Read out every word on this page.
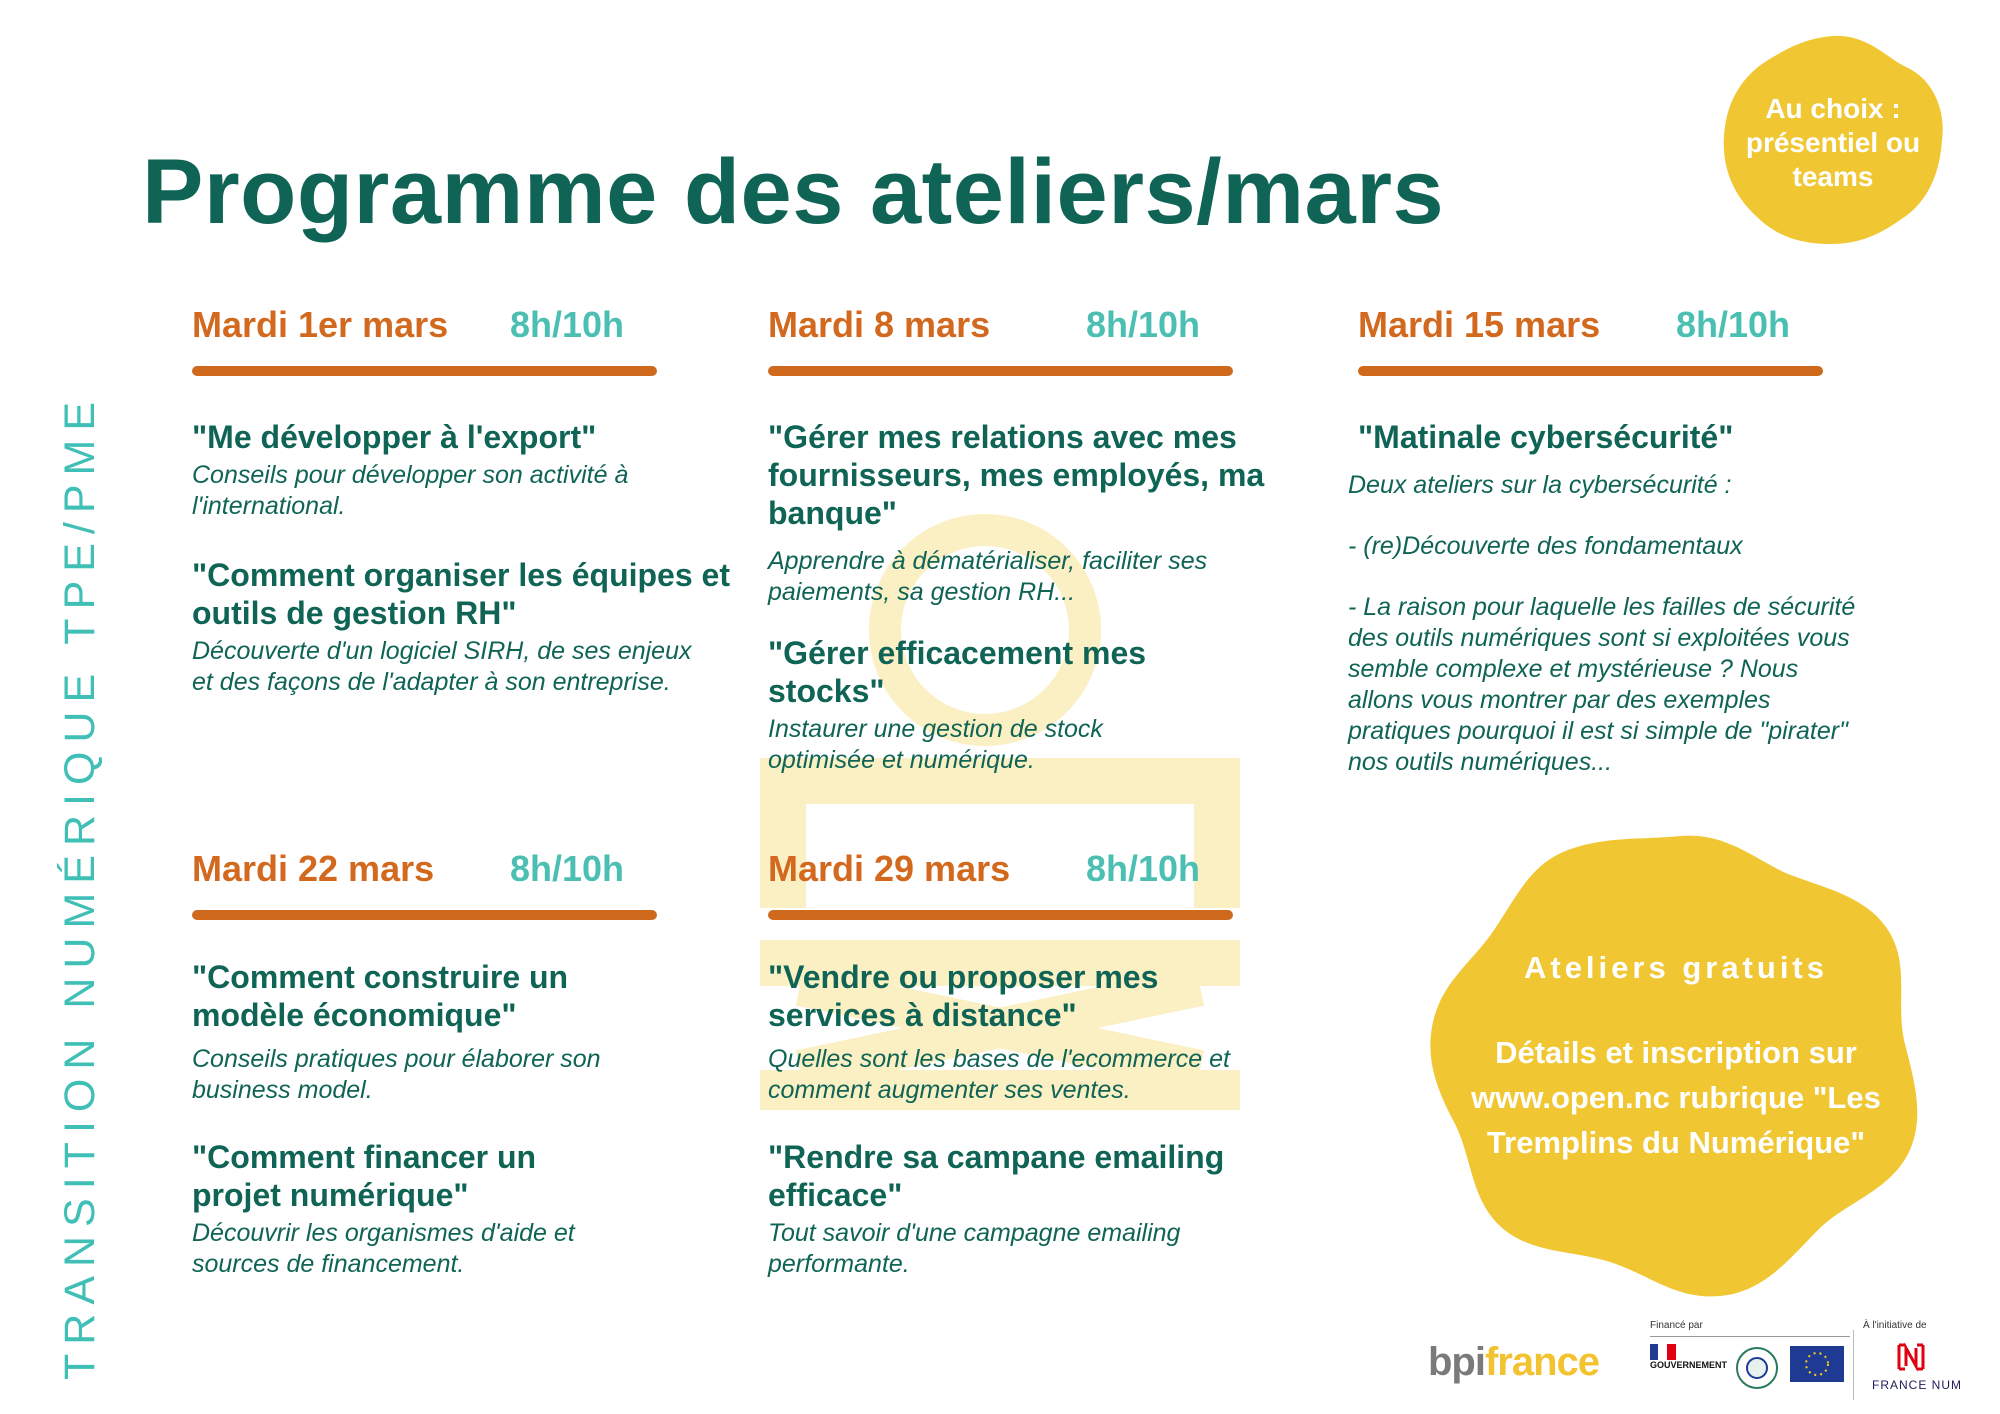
Programme des ateliers/mars
TRANSITION NUMÉRIQUE TPE/PME
Au choix : présentiel ou teams
Ateliers gratuits
Détails et inscription sur www.open.nc rubrique "Les Tremplins du Numérique"
Mardi 1er mars 8h/10h

"Me développer à l'export"

Conseils pour développer son activité à l'international.

"Comment organiser les équipes et outils de gestion RH"

Découverte d'un logiciel SIRH, de ses enjeux et des façons de l'adapter à son entreprise.

Mardi 8 mars	8h/10h

"Gérer mes relations avec mes fournisseurs, mes employés, ma banque"

Apprendre à dématérialiser, faciliter ses paiements, sa gestion RH...

"Gérer efficacement mes stocks"

Instaurer une gestion de stock optimisée et numérique.

Mardi 15 mars 8h/10h

"Matinale cybersécurité"

Deux ateliers sur la cybersécurité :

- (re)Découverte des fondamentaux

- La raison pour laquelle les failles de sécurité des outils numériques sont si exploitées vous semble complexe et mystérieuse ? Nous allons vous montrer par des exemples pratiques pourquoi il est si simple de "pirater" nos outils numériques...

Mardi 22 mars 8h/10h

"Comment construire un modèle économique"

Conseils pratiques pour élaborer son business model.

"Comment financer un projet numérique"

Découvrir les organismes d'aide et sources de financement.

Mardi 29 mars 8h/10h

"Vendre ou proposer mes services à distance"

Quelles sont les bases de l'ecommerce et comment augmenter ses ventes.

"Rendre sa campane emailing efficace"

Tout savoir d'une campagne emailing performante.

bpifrance
Financé par
GOUVERNEMENT
À l'initiative de
FRANCE NUM
